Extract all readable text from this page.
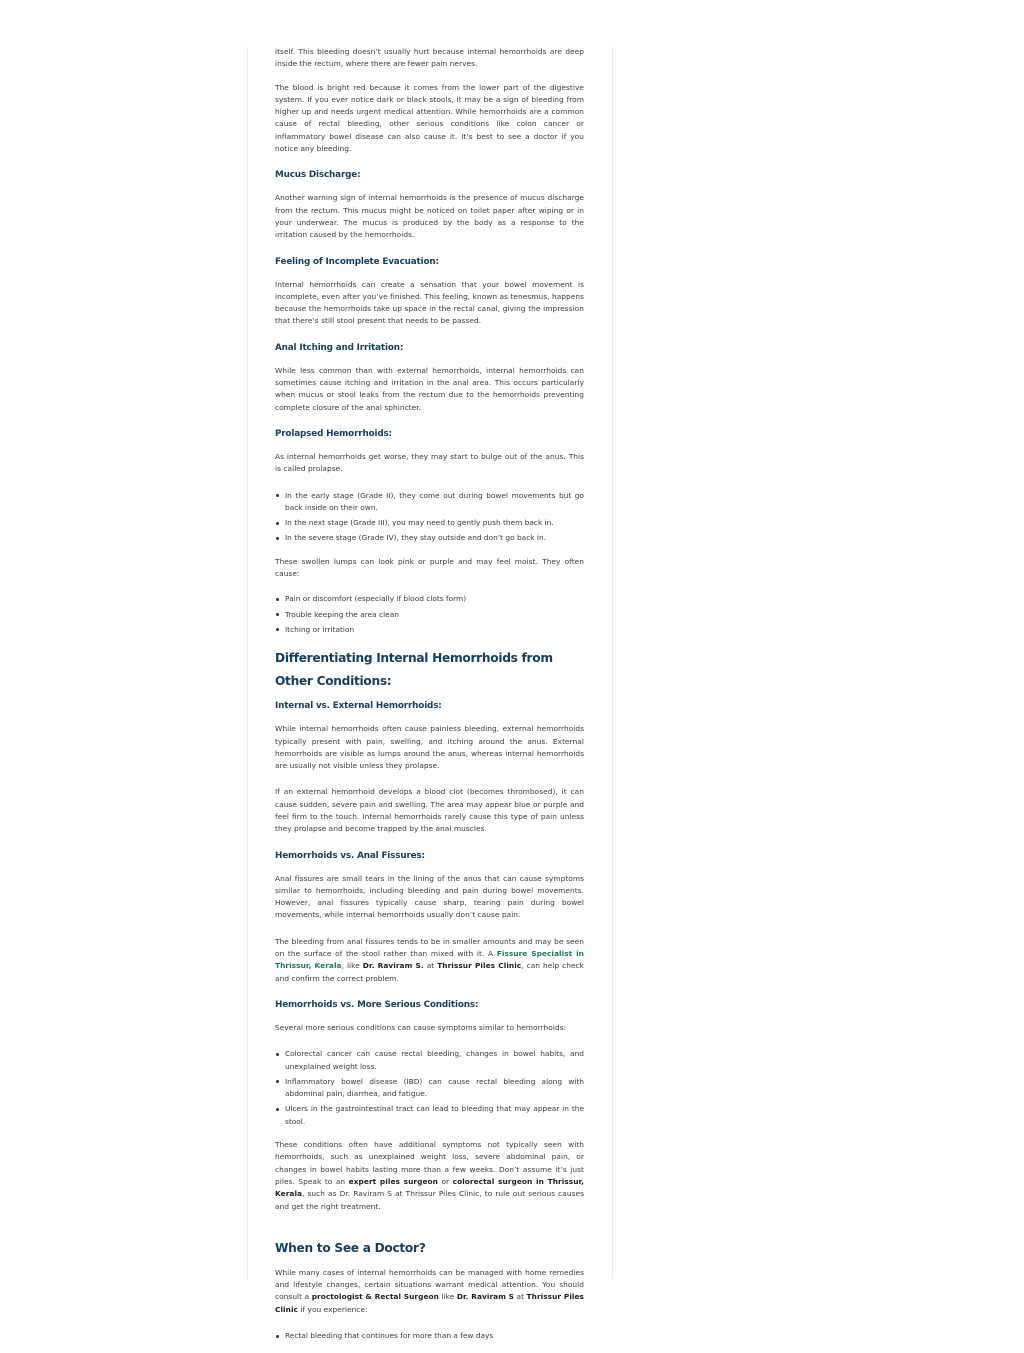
itself. This bleeding doesn’t usually hurt because internal hemorrhoids are deep inside the rectum, where there are fewer pain nerves.

The blood is bright red because it comes from the lower part of the digestive system. If you ever notice dark or black stools, it may be a sign of bleeding from higher up and needs urgent medical attention. While hemorrhoids are a common cause of rectal bleeding, other serious conditions like colon cancer or inflammatory bowel disease can also cause it. It’s best to see a doctor if you notice any bleeding.

Mucus Discharge:

Another warning sign of internal hemorrhoids is the presence of mucus discharge from the rectum. This mucus might be noticed on toilet paper after wiping or in your underwear. The mucus is produced by the body as a response to the irritation caused by the hemorrhoids.

Feeling of Incomplete Evacuation:

Internal hemorrhoids can create a sensation that your bowel movement is incomplete, even after you’ve finished. This feeling, known as tenesmus, happens because the hemorrhoids take up space in the rectal canal, giving the impression that there’s still stool present that needs to be passed.

Anal Itching and Irritation:

While less common than with external hemorrhoids, internal hemorrhoids can sometimes cause itching and irritation in the anal area. This occurs particularly when mucus or stool leaks from the rectum due to the hemorrhoids preventing complete closure of the anal sphincter.

Prolapsed Hemorrhoids:

As internal hemorrhoids get worse, they may start to bulge out of the anus. This is called prolapse.

In the early stage (Grade II), they come out during bowel movements but go back inside on their own.
In the next stage (Grade III), you may need to gently push them back in.
In the severe stage (Grade IV), they stay outside and don’t go back in.

These swollen lumps can look pink or purple and may feel moist. They often cause:

Pain or discomfort (especially if blood clots form)
Trouble keeping the area clean
Itching or irritation
Differentiating Internal Hemorrhoids from Other Conditions:
Internal vs. External Hemorrhoids:

While internal hemorrhoids often cause painless bleeding, external hemorrhoids typically present with pain, swelling, and itching around the anus. External hemorrhoids are visible as lumps around the anus, whereas internal hemorrhoids are usually not visible unless they prolapse.

If an external hemorrhoid develops a blood clot (becomes thrombosed), it can cause sudden, severe pain and swelling. The area may appear blue or purple and feel firm to the touch. Internal hemorrhoids rarely cause this type of pain unless they prolapse and become trapped by the anal muscles.

Hemorrhoids vs. Anal Fissures:

Anal fissures are small tears in the lining of the anus that can cause symptoms similar to hemorrhoids, including bleeding and pain during bowel movements. However, anal fissures typically cause sharp, tearing pain during bowel movements, while internal hemorrhoids usually don’t cause pain.

The bleeding from anal fissures tends to be in smaller amounts and may be seen on the surface of the stool rather than mixed with it. A Fissure Specialist in Thrissur, Kerala, like Dr. Raviram S. at Thrissur Piles Clinic, can help check and confirm the correct problem.

Hemorrhoids vs. More Serious Conditions:

Several more serious conditions can cause symptoms similar to hemorrhoids:

Colorectal cancer can cause rectal bleeding, changes in bowel habits, and unexplained weight loss.
Inflammatory bowel disease (IBD) can cause rectal bleeding along with abdominal pain, diarrhea, and fatigue.
Ulcers in the gastrointestinal tract can lead to bleeding that may appear in the stool.

These conditions often have additional symptoms not typically seen with hemorrhoids, such as unexplained weight loss, severe abdominal pain, or changes in bowel habits lasting more than a few weeks. Don’t assume it’s just piles. Speak to an expert piles surgeon or colorectal surgeon in Thrissur, Kerala, such as Dr. Raviram S at Thrissur Piles Clinic, to rule out serious causes and get the right treatment.

When to See a Doctor?

While many cases of internal hemorrhoids can be managed with home remedies and lifestyle changes, certain situations warrant medical attention. You should consult a proctologist & Rectal Surgeon like Dr. Raviram S at Thrissur Piles Clinic if you experience:

Rectal bleeding that continues for more than a few days
